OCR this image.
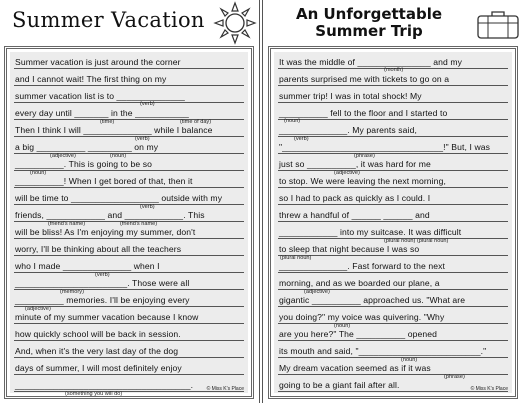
Summer Vacation
Summer vacation is just around the corner
and I cannot wait! The first thing on my
summer vacation list is to ______________
every day until _______ in the ___________
Then I think I will ______________ while I balance
a big __________ _________ on my
__________. This is going to be so
__________! When I get bored of that, then it
will be time to __________________ outside with my
friends, ____________ and ____________. This
will be bliss! As I'm enjoying my summer, don't
worry, I'll be thinking about all the teachers
who I made ______________ when I
_______________________. Those were all
__________ memories. I'll be enjoying every
minute of my summer vacation because I know
how quickly school will be back in session.
And, when it's the very last day of the dog
days of summer, I will most definitely enjoy
____________________________________.
(verb)
(time)	(time of day)
(verb)
(adjective)	(noun)
(noun)
(verb)
(friend's name)	(friend's name)
(verb)
(memory)
(adjective)
(something you will do)
© Miss K's Place
An Unforgettable
Summer Trip
It was the middle of _______________ and my
parents surprised me with tickets to go on a
summer trip! I was in total shock! My
__________ fell to the floor and I started to
______________. My parents said,
"_________________________________!" But, I was
just so __________, it was hard for me
to stop. We were leaving the next morning,
so I had to pack as quickly as I could. I
threw a handful of ______ ______ and
____________ into my suitcase. It was difficult
to sleep that night because I was so
______________. Fast forward to the next
morning, and as we boarded our plane, a
gigantic __________ approached us. "What are
you doing?" my voice was quivering. "Why
are you here?" The __________ opened
its mouth and said, "_________________________."
My dream vacation seemed as if it was
going to be a giant fail after all.
(month)
(noun)
(verb)
(phrase)
(adjective)
(plural noun) (plural noun)
(plural noun)
(adjective)
(noun)
(noun)
(phrase)
© Miss K's Place
